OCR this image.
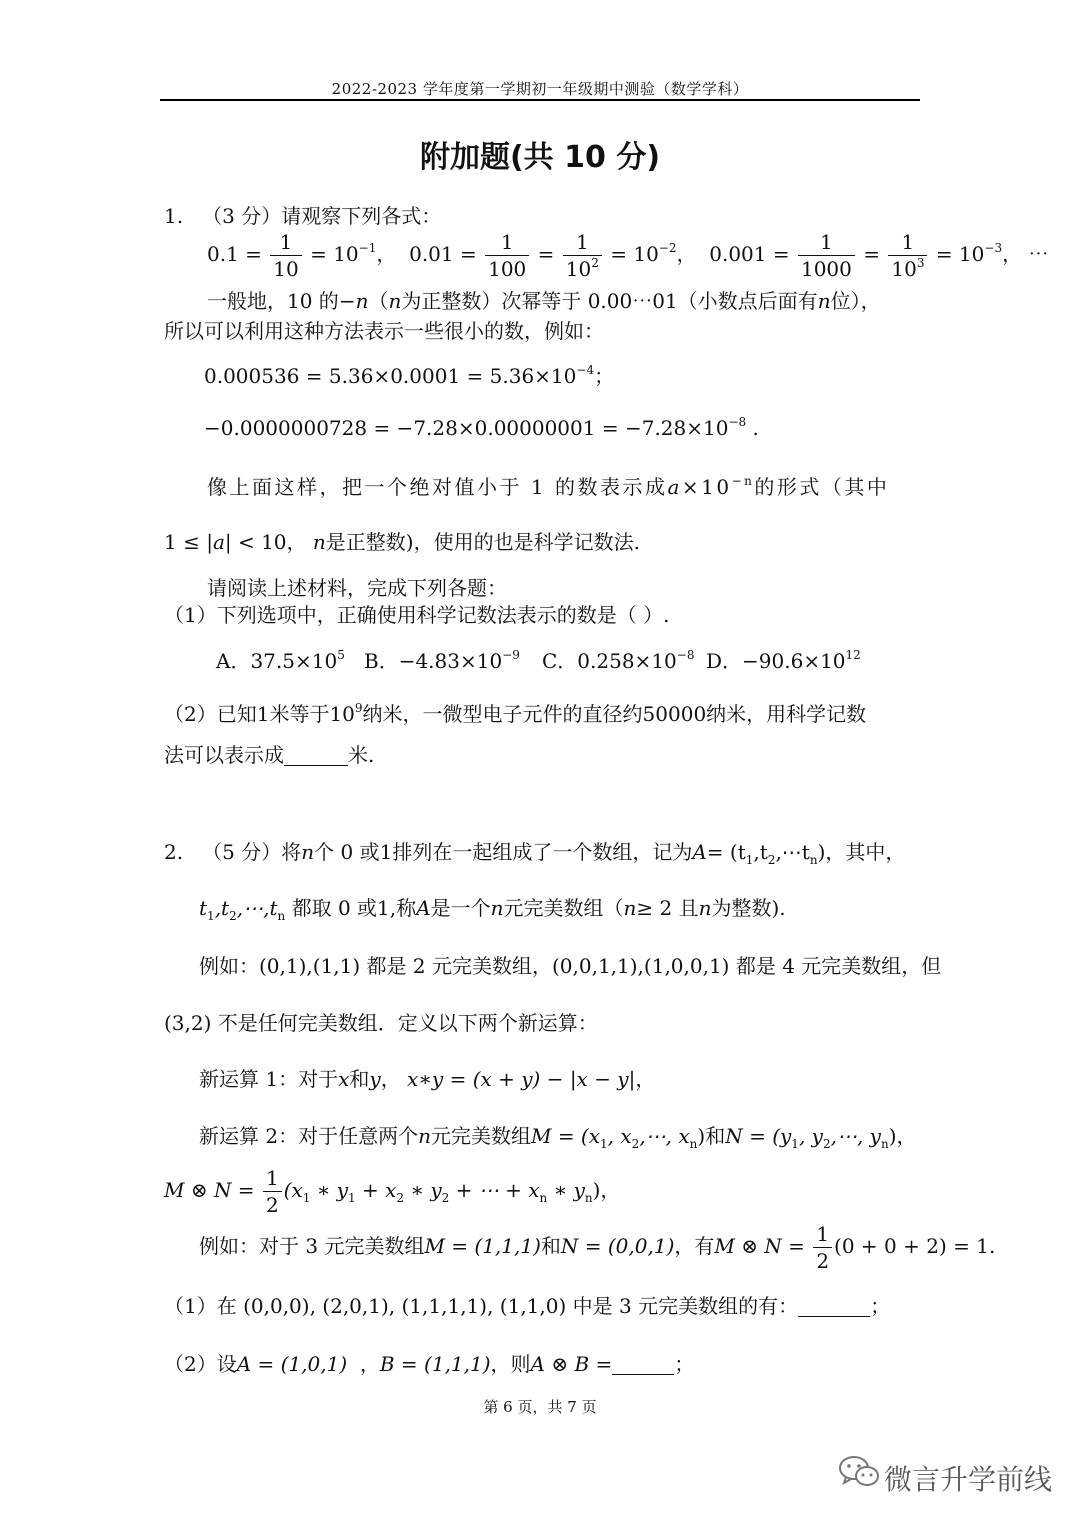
2022-2023 学年度第一学期初一年级期中测验（数学学科）
附加题(共 10 分)
1. （3 分）请观察下列各式：
$0.1 = \frac{1}{10} = 10^{-1}$， $0.01 = \frac{1}{100} = \frac{1}{10^2} = 10^{-2}$， $0.001 = \frac{1}{1000} = \frac{1}{10^3} = 10^{-3}$， ⋯
一般地，10 的−n（n为正整数）次幂等于 0.00⋯01（小数点后面有n位），
所以可以利用这种方法表示一些很小的数，例如：
$0.000536 = 5.36\times 0.0001 = 5.36\times 10^{-4}$；
$-0.0000000728 = -7.28\times 0.00000001 = -7.28\times 10^{-8}$ .
像上面这样，把一个绝对值小于 1 的数表示成$a\times 10^{-n}$的形式（其中
1 ≤ |a| < 10， n是正整数)，使用的也是科学记数法.
请阅读上述材料，完成下列各题：
（1）下列选项中，正确使用科学记数法表示的数是（ ）.
A．$37.5\times 10^5$ B．$-4.83\times 10^{-9}$ C．$0.258\times 10^{-8}$ D．$-90.6\times 10^{12}$
（2）已知1米等于$10^9$纳米，一微型电子元件的直径约50000纳米，用科学记数
法可以表示成	米.
2. （5 分）将n个 0 或1排列在一起组成了一个数组，记为$A= (t_1,t_2,\cdots t_n)$，其中，
$t_1,t_2,\cdots,t_n$ 都取 0 或1,称A是一个n元完美数组（n≥ 2 且n为整数).
例如：(0,1),(1,1) 都是 2 元完美数组，(0,0,1,1),(1,0,0,1) 都是 4 元完美数组，但
(3,2) 不是任何完美数组．定义以下两个新运算：
新运算 1：对于x和y， x∗y = (x + y) − |x − y|，
新运算 2：对于任意两个n元完美数组$M = (x_1$, $x_2,\cdots$, $x_n$)和$N = (y_1$, $y_2,\cdots$, $y_n$)，
M ⊗ $N = \frac{1}{2} (x_1$ ∗ $y_1 + x_2$ ∗ $y_2$ + ⋯ + $x_n$ ∗ $y_n$)，
例如：对于 3 元完美数组M = (1,1,1)和N = (0,0,1)，有M ⊗ $N = \frac{1}{2} (0 + 0 + 2) = 1$.
（1）在 (0,0,0), (2,0,1), (1,1,1,1), (1,1,0) 中是 3 元完美数组的有：	；
（2）设A = (1,0,1) ，B = (1,1,1)，则A ⊗ B =	；
第 6 页，共 7 页
微言升学前线
